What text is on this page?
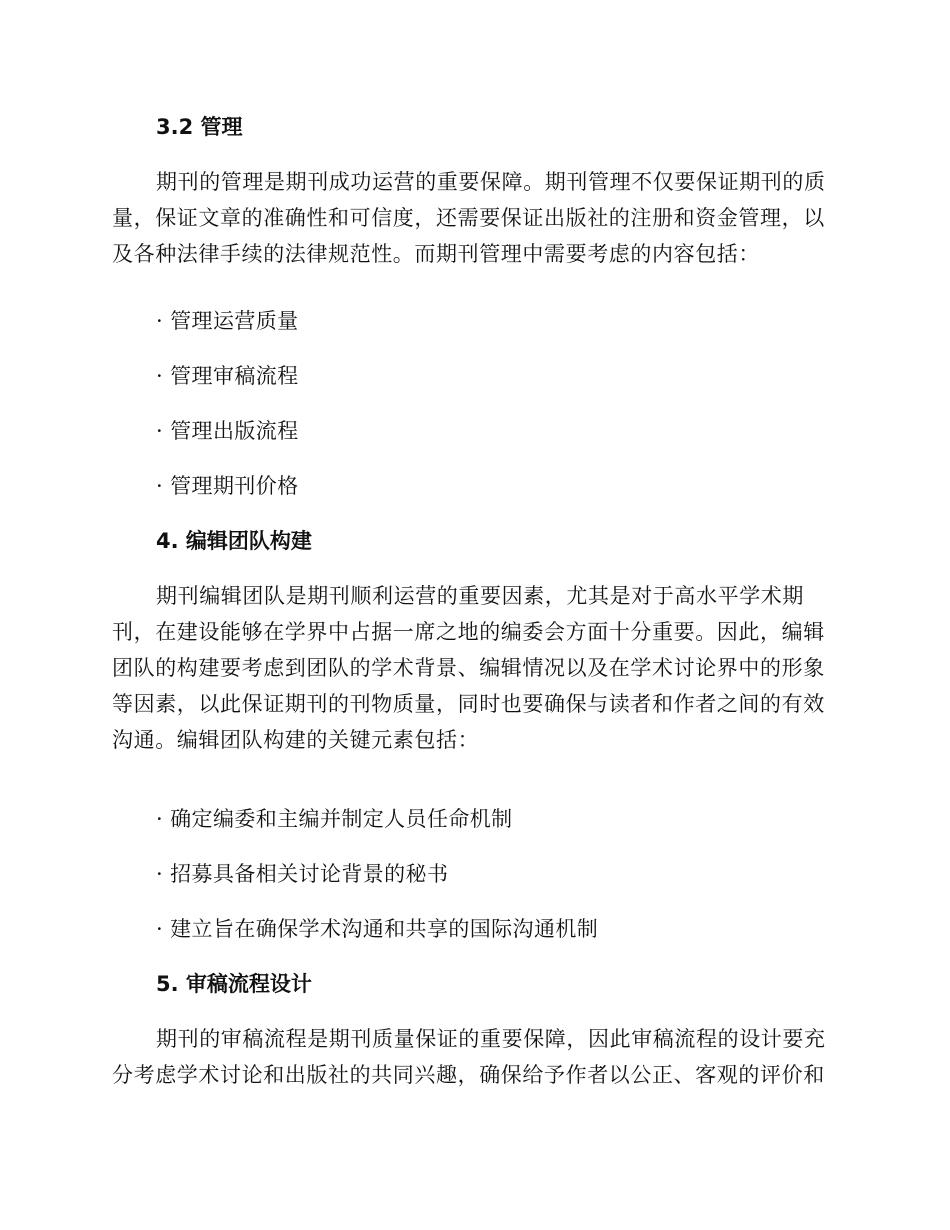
3.2 管理
期刊的管理是期刊成功运营的重要保障。期刊管理不仅要保证期刊的质
量，保证文章的准确性和可信度，还需要保证出版社的注册和资金管理，以
及各种法律手续的法律规范性。而期刊管理中需要考虑的内容包括：
· 管理运营质量
· 管理审稿流程
· 管理出版流程
· 管理期刊价格
4. 编辑团队构建
期刊编辑团队是期刊顺利运营的重要因素，尤其是对于高水平学术期
刊，在建设能够在学界中占据一席之地的编委会方面十分重要。因此，编辑
团队的构建要考虑到团队的学术背景、编辑情况以及在学术讨论界中的形象
等因素，以此保证期刊的刊物质量，同时也要确保与读者和作者之间的有效
沟通。编辑团队构建的关键元素包括：
· 确定编委和主编并制定人员任命机制
· 招募具备相关讨论背景的秘书
· 建立旨在确保学术沟通和共享的国际沟通机制
5. 审稿流程设计
期刊的审稿流程是期刊质量保证的重要保障，因此审稿流程的设计要充
分考虑学术讨论和出版社的共同兴趣，确保给予作者以公正、客观的评价和
